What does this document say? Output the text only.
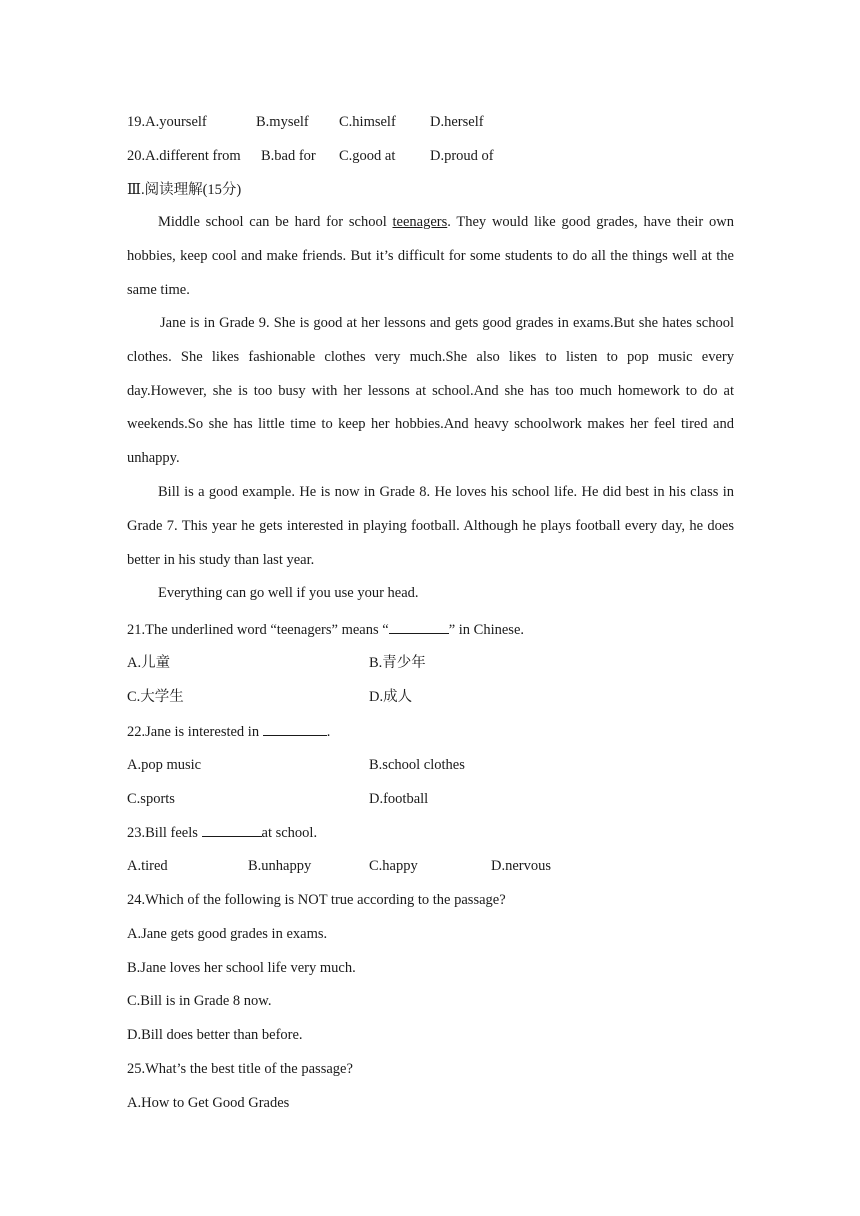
19.A.yourself	B.myself C.himself D.herself
20.A.different from B.bad for C.good at D.proud of
Ⅲ.阅读理解(15分)

Middle school can be hard for school teenagers. They would like good grades, have their own hobbies, keep cool and make friends. But it’s difficult for some students to do all the things well at the same time.

Jane is in Grade 9. She is good at her lessons and gets good grades in exams.But she hates school clothes. She likes fashionable clothes very much.She also likes to listen to pop music every day.However, she is too busy with her lessons at school.And she has too much homework to do at weekends.So she has little time to keep her hobbies.And heavy schoolwork makes her feel tired and unhappy.

Bill is a good example. He is now in Grade 8. He loves his school life. He did best in his class in Grade 7. This year he gets interested in playing football. Although he plays football every day, he does better in his study than last year.

Everything can go well if you use your head.

21.The underlined word “teenagers” means “	” in Chinese.
A.儿童	B.青少年
C.大学生	D.成人
22.Jane is interested in	.
A.pop music	B.school clothes
C.sports	D.football
23.Bill feels	at school.
A.tired	B.unhappy	C.happy	D.nervous
24.Which of the following is NOT true according to the passage?
A.Jane gets good grades in exams.
B.Jane loves her school life very much.
C.Bill is in Grade 8 now.
D.Bill does better than before.
25.What’s the best title of the passage?
A.How to Get Good Grades
